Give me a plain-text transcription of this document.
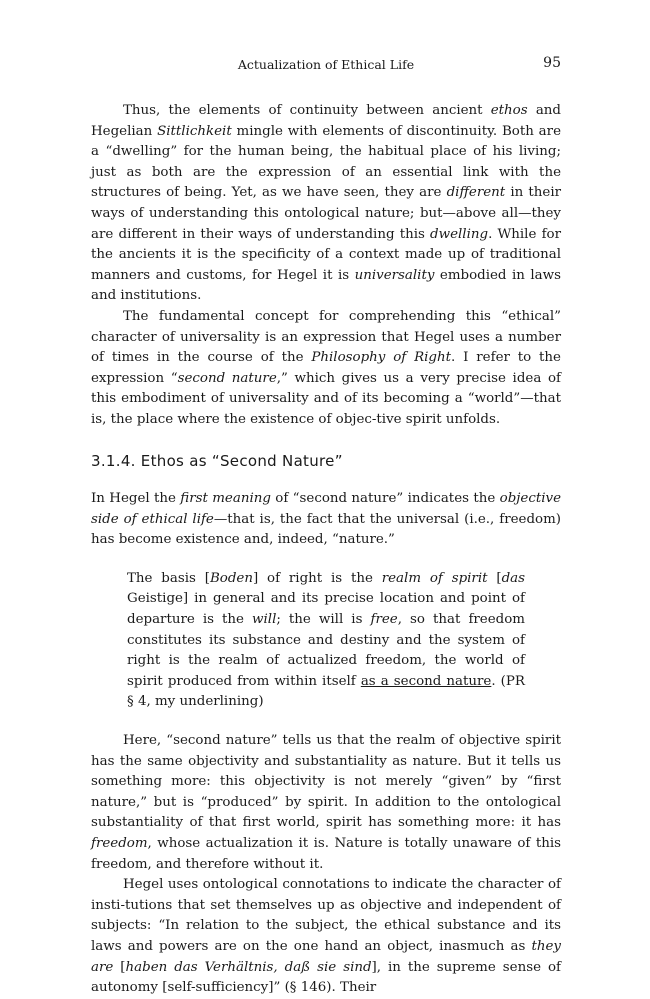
Actualization of Ethical Life	95

Thus, the elements of continuity between ancient ethos and Hegelian Sittlichkeit mingle with elements of discontinuity. Both are a “dwelling” for the human being, the habitual place of his living; just as both are the expression of an essential link with the structures of being. Yet, as we have seen, they are different in their ways of understanding this ontological nature; but—above all—they are different in their ways of understanding this dwelling. While for the ancients it is the specificity of a context made up of traditional manners and customs, for Hegel it is universality embodied in laws and institutions.

The fundamental concept for comprehending this “ethical” character of universality is an expression that Hegel uses a number of times in the course of the Philosophy of Right. I refer to the expression “second nature,” which gives us a very precise idea of this embodiment of universality and of its becoming a “world”—that is, the place where the existence of objec-tive spirit unfolds.

3.1.4. Ethos as “Second Nature”

In Hegel the first meaning of “second nature” indicates the objective side of ethical life—that is, the fact that the universal (i.e., freedom) has become existence and, indeed, “nature.”

The basis [Boden] of right is the realm of spirit [das Geistige] in general and its precise location and point of departure is the will; the will is free, so that freedom constitutes its substance and destiny and the system of right is the realm of actualized freedom, the world of spirit produced from within itself as a second nature. (PR § 4, my underlining)

Here, “second nature” tells us that the realm of objective spirit has the same objectivity and substantiality as nature. But it tells us something more: this objectivity is not merely “given” by “first nature,” but is “produced” by spirit. In addition to the ontological substantiality of that first world, spirit has something more: it has freedom, whose actualization it is. Nature is totally unaware of this freedom, and therefore without it.

Hegel uses ontological connotations to indicate the character of insti-tutions that set themselves up as objective and independent of subjects: “In relation to the subject, the ethical substance and its laws and powers are on the one hand an object, inasmuch as they are [haben das Verhältnis, daß sie sind], in the supreme sense of autonomy [self-sufficiency]” (§ 146). Their
